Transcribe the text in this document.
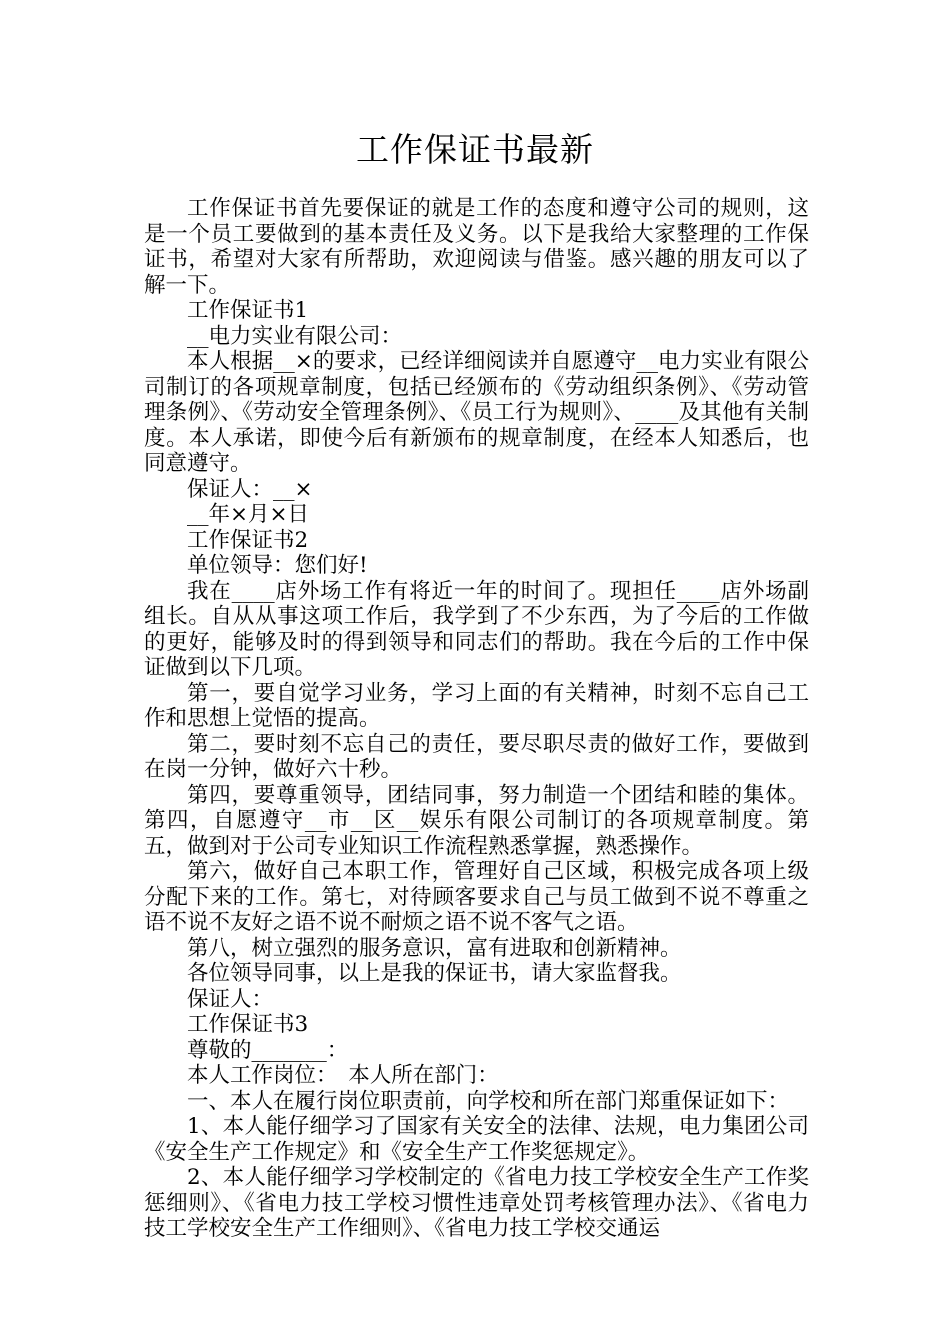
工作保证书最新

工作保证书首先要保证的就是工作的态度和遵守公司的规则，这是一个员工要做到的基本责任及义务。以下是我给大家整理的工作保证书，希望对大家有所帮助，欢迎阅读与借鉴。感兴趣的朋友可以了解一下。

工作保证书1

__电力实业有限公司：

本人根据__×的要求，已经详细阅读并自愿遵守__电力实业有限公司制订的各项规章制度，包括已经颁布的《劳动组织条例》、《劳动管理条例》、《劳动安全管理条例》、《员工行为规则》、____及其他有关制度。本人承诺，即使今后有新颁布的规章制度，在经本人知悉后，也同意遵守。

保证人：__×

__年×月×日

工作保证书2

单位领导：您们好!

我在____店外场工作有将近一年的时间了。现担任____店外场副组长。自从从事这项工作后，我学到了不少东西，为了今后的工作做的更好，能够及时的得到领导和同志们的帮助。我在今后的工作中保证做到以下几项。

第一，要自觉学习业务，学习上面的有关精神，时刻不忘自己工作和思想上觉悟的提高。

第二，要时刻不忘自己的责任，要尽职尽责的做好工作，要做到在岗一分钟，做好六十秒。

第四，要尊重领导，团结同事，努力制造一个团结和睦的集体。第四，自愿遵守__市__区__娱乐有限公司制订的各项规章制度。第五，做到对于公司专业知识工作流程熟悉掌握，熟悉操作。

第六，做好自己本职工作，管理好自己区域，积极完成各项上级分配下来的工作。第七，对待顾客要求自己与员工做到不说不尊重之语不说不友好之语不说不耐烦之语不说不客气之语。

第八，树立强烈的服务意识，富有进取和创新精神。

各位领导同事，以上是我的保证书，请大家监督我。

保证人：

工作保证书3

尊敬的_______：

本人工作岗位：　本人所在部门：

一、本人在履行岗位职责前，向学校和所在部门郑重保证如下：

1、本人能仔细学习了国家有关安全的法律、法规，电力集团公司《安全生产工作规定》和《安全生产工作奖惩规定》。

2、本人能仔细学习学校制定的《省电力技工学校安全生产工作奖惩细则》、《省电力技工学校习惯性违章处罚考核管理办法》、《省电力技工学校安全生产工作细则》、《省电力技工学校交通运
